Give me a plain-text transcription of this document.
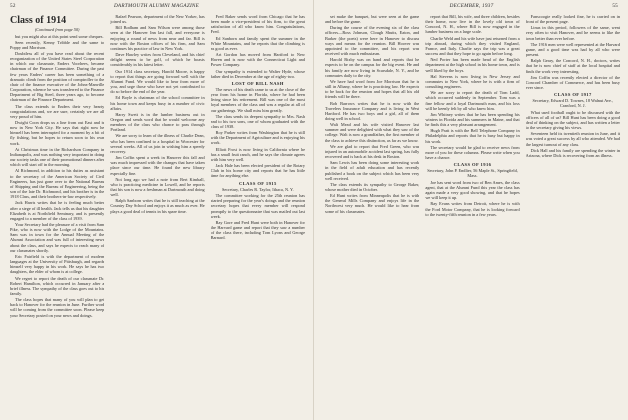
52	DARTMOUTH ALUMNI MAGAZINE
Class of 1914
(Continued from page 50)

but you might also at this point send some cheques.

Seen recently, Kenny Tribble and the same to Poppy and Morrison.

Doubtless all of you have read about the recent reorganization of the United States Steel Corporation in which our classmate, Enders Voorhees, became chairman of the Finance Committee. During the past few years Enders' career has been something of a dramatic climb from the position of comptroller to the chair of the finance executive of the Johns-Manville Corporation, whence he was transferred to the Finance Department of Big Steel, three years ago, to become chairman of the Finance Department.

The class extends to Enders their very hearty congratulations and, we are sure, certainly we are all very proud of him.

Dwight Coon drops us a line from out East and is now in New York City. He says that right now he himself has been interrupted for a moment by a bit of fly fishing, but he hopes to return soon to his own work.

At Christmas time in the Richardson Company in Indianapolis, and was nothing very important in doing our society tasks one of their promotional dinners after which will start off in the morning.

Al Richmond, in addition to his duties as assistant to the secretary of the American Society of Civil Engineers, has just gone over to the National Bureau of Shipping and the Bureau of Engineering, being the son of the late Dr. Richmond, and his brother is in the 1918 Class, and their brothers-in-law respectively.

Jack Harris writes that he is feeling much better after a siege of ill health. Jack tells us that his daughter Elizabeth is at Northfield Seminary, and is presently engaged to a member of the class of 1939.

Your Secretary had the pleasure of a visit from Sam Pike, who is now with the Lodge of the Mountains. Sam was in town for the Annual Meeting of the Alumni Association and was full of interesting news about the class, and says he expects to reach many of our classmates shortly.

Eric Fairfield is with the department of modern languages at the University of Pittsburgh, and regards himself very happy in his work. He says he has two daughters, the elder of whom is at college.

We regret to report the death of our classmate Dr. Robert Hamilton, which occurred in January after a brief illness. The sympathy of the class goes out to his family.

The class hopes that many of you will plan to get back to Hanover for the reunion in June. Further word will be coming from the committee soon. Please keep your Secretary posted on your news and doings.

Rafael Pearson, department of the New Yorker, has joined us.

Bill Bodham and Sam Wilson were among those seen at the Hanover Inn last fall, and everyone is enjoying a round of news from near and far. Bill is now with the Boston offices of his firm, and Sam continues his practice of law in New York.

Dave Hawley writes from Cleveland, and his chief delight seems to be golf, of which he boasts considerably in his latest letter.

Our 1914 class secretary, Harold Moore, is happy to report that things are going forward well with the Alumni Fund. We would like to hear from more of you, and urge those who have not yet contributed to do so before the end of the year.

Ed Boyle is chairman of the school committee in his home town and keeps busy in a number of civic affairs.

Harry Swett is in the lumber business out in Oregon and sends word that he would welcome any members of the class who chance to pass through Portland.

We are sorry to learn of the illness of Charlie Dean, who has been confined to a hospital in Worcester for several weeks. All of us join in wishing him a speedy recovery.

Jim Coffin spent a week in Hanover this fall and was much impressed with the changes that have taken place since our time. He found the new library especially fine.

Not long ago we had a note from Bert Kimball, who is practicing medicine in Lowell, and he reports that his son is now a freshman at Dartmouth and doing well.

Ralph Sanborn writes that he is still teaching at the Country Day School and enjoys it as much as ever. He plays a good deal of tennis in his spare time.

Fred Baker sends word from Chicago that he has been made a vice-president of his firm, to the great satisfaction of all who know him. Congratulations, Fred.

Ed Sanborn and family spent the summer in the White Mountains, and he reports that the climbing is as good as ever.

Art Gordon has moved from Hartford to New Haven and is now with the Connecticut Light and Power Company.

Our sympathy is extended to Walter Hyde, whose father died in December at the age of eighty-two.

LOST OF BILL NASH

The news of his death came to us at the close of the year from his home in Florida, where he had been living since his retirement. Bill was one of the most loyal members of the class and was a regular at all of our gatherings. We shall miss him greatly.

The class sends its deepest sympathy to Mrs. Nash and to his two sons, one of whom graduated with the class of 1938.

Roy Parker writes from Washington that he is still with the Department of Agriculture and is enjoying his work.

Elliott Frost is now living in California where he has a small fruit ranch, and he says the climate agrees with him very well.

Jack Hale has been elected president of the Rotary Club in his home city and reports that he has little time for anything else.

CLASS OF 1915
Secretary, Charles R. Taylor, Ithaca, N. Y.

The committee working for the 25th reunion has started preparing for the year's doings and the reunion secretary hopes that every member will respond promptly to the questionnaire that was mailed out last week.

Ray Gore and Fred Hunt were both in Hanover for the Harvard game and report that they saw a number of the class there, including Tom Lyons and George Barnard.

DECEMBER, 1937	55

set make the banquet, but were seen at the game and before the game.

During the course of the evening six of the class officers—Ross Johnson, Clough Shutts, Eaton, and Barker (the poets) were here in Hanover to discuss ways and means for the reunion. Bill Hoover was appointed to the committee, and his report was received with much enthusiasm.

Harold Bixby was on hand and reports that he expects to be on the campus for the big event. He and his family are now living in Scarsdale, N. Y., and he commutes daily to the city.

We have had word from Joe Morrison that he is still in Albany, where he is practicing law. He expects to be back for the reunion and hopes that all his old friends will be there.

Bob Barrows writes that he is now with the Travelers Insurance Company and is living in West Hartford. He has two boys and a girl, all of them doing well in school.

Walt Mead and his wife visited Hanover last summer and were delighted with what they saw of the college. Walt is now a grandfather, the first member of the class to achieve this distinction, as far as we know.

We are glad to report that Fred Green, who was injured in an automobile accident last spring, has fully recovered and is back at his desk in Boston.

Sam Lewis has been doing some interesting work in the field of adult education and has recently published a book on the subject which has been very well received.

The class extends its sympathy to George Baker, whose mother died in October.

Ed Hunt writes from Minneapolis that he is with the General Mills Company and enjoys life in the Northwest very much. He would like to hear from some of his classmates.

report that Bill, his wife, and three children, besides their home, now live in the lovely old town of Concord, N. H., where Bill is now engaged in the lumber business on a large scale.

Charlie Weld and his wife have just returned from a trip abroad, during which they visited England, France, and Italy. Charlie says the trip was a great success and that they hope to go again before long.

Ned Porter has been made head of the English department at the high school in his home town, and is well liked by the boys.

Hal Stevens is now living in New Jersey and commutes to New York, where he is with a firm of consulting engineers.

We are sorry to report the death of Tom Ladd, which occurred suddenly in September. Tom was a fine fellow and a loyal Dartmouth man, and his loss will be keenly felt by all who knew him.

Jim Whitney writes that he has been spending his winters in Florida and his summers in Maine, and that he finds this a very pleasant arrangement.

Hugh Pratt is with the Bell Telephone Company in Philadelphia and reports that he is busy but happy in his work.

The secretary would be glad to receive news from more of you for these columns. Please write when you have a chance.

CLASS OF 1916
Secretary, John P. Endlier, 56 Maple St., Springfield, Mass.

Joe has sent word from two of Ben Ames, the class agent, that at the Alumni Fund this year the class has again made a very good showing, and that he hopes we will keep it up.

Ray Evans writes from Detroit, where he is with the Ford Motor Company, that he is looking forward to the twenty-fifth reunion in a few years.

Fanscoogie really looked fine, he is carried on in front of the present page.

Linus in this period, followers of the same, went very often to visit Hanover, and he seems to like the town better than ever before.

The 1916 men were well represented at the Harvard game, and a good time was had by all who were present.

Ralph Geary, the Concord, N. H., doctors, writes that he is now chief of staff at the local hospital and finds the work very interesting.

Jim Coffin was recently elected a director of the Concord Chamber of Commerce, and has been busy ever since.

CLASS OF 1917
Secretary, Edward D. Townes, 18 Walnut Ave., Cranford, N. J.

What used football ought to be discussed with the officers of all of us? Bill Hunt has been doing a good deal of thinking on the subject, and has written a letter to the secretary giving his views.

Seventeen held its twentieth reunion in June, and it was voted a great success by all who attended. We had the largest turnout of any class.

Dick Hall and his family are spending the winter in Arizona, where Dick is recovering from an illness.
